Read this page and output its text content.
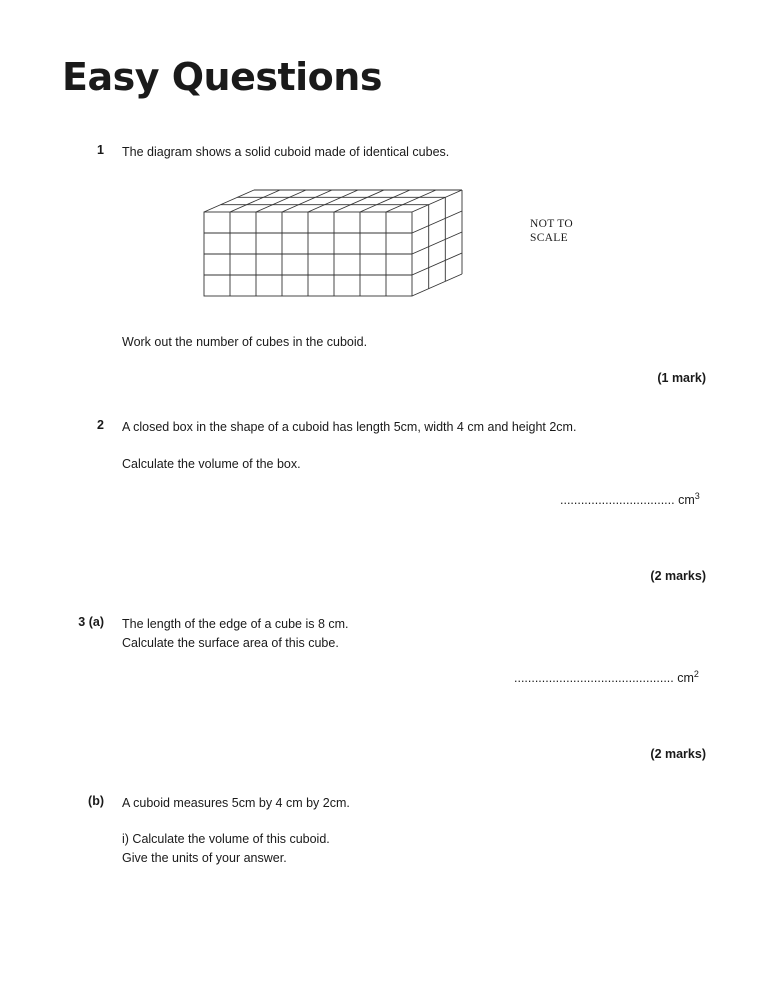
Easy Questions
1 The diagram shows a solid cuboid made of identical cubes.
NOT TO
SCALE
Work out the number of cubes in the cuboid.
(1 mark)
2 A closed box in the shape of a cuboid has length 5cm, width 4 cm and height 2cm.
Calculate the volume of the box.
................................. $cm^3$
(2 marks)
3 (a) The length of the edge of a cube is 8 cm.
Calculate the surface area of this cube.
.............................................. $cm^2$
(2 marks)
(b) A cuboid measures 5cm by 4 cm by 2cm.
i) Calculate the volume of this cuboid.
Give the units of your answer.
